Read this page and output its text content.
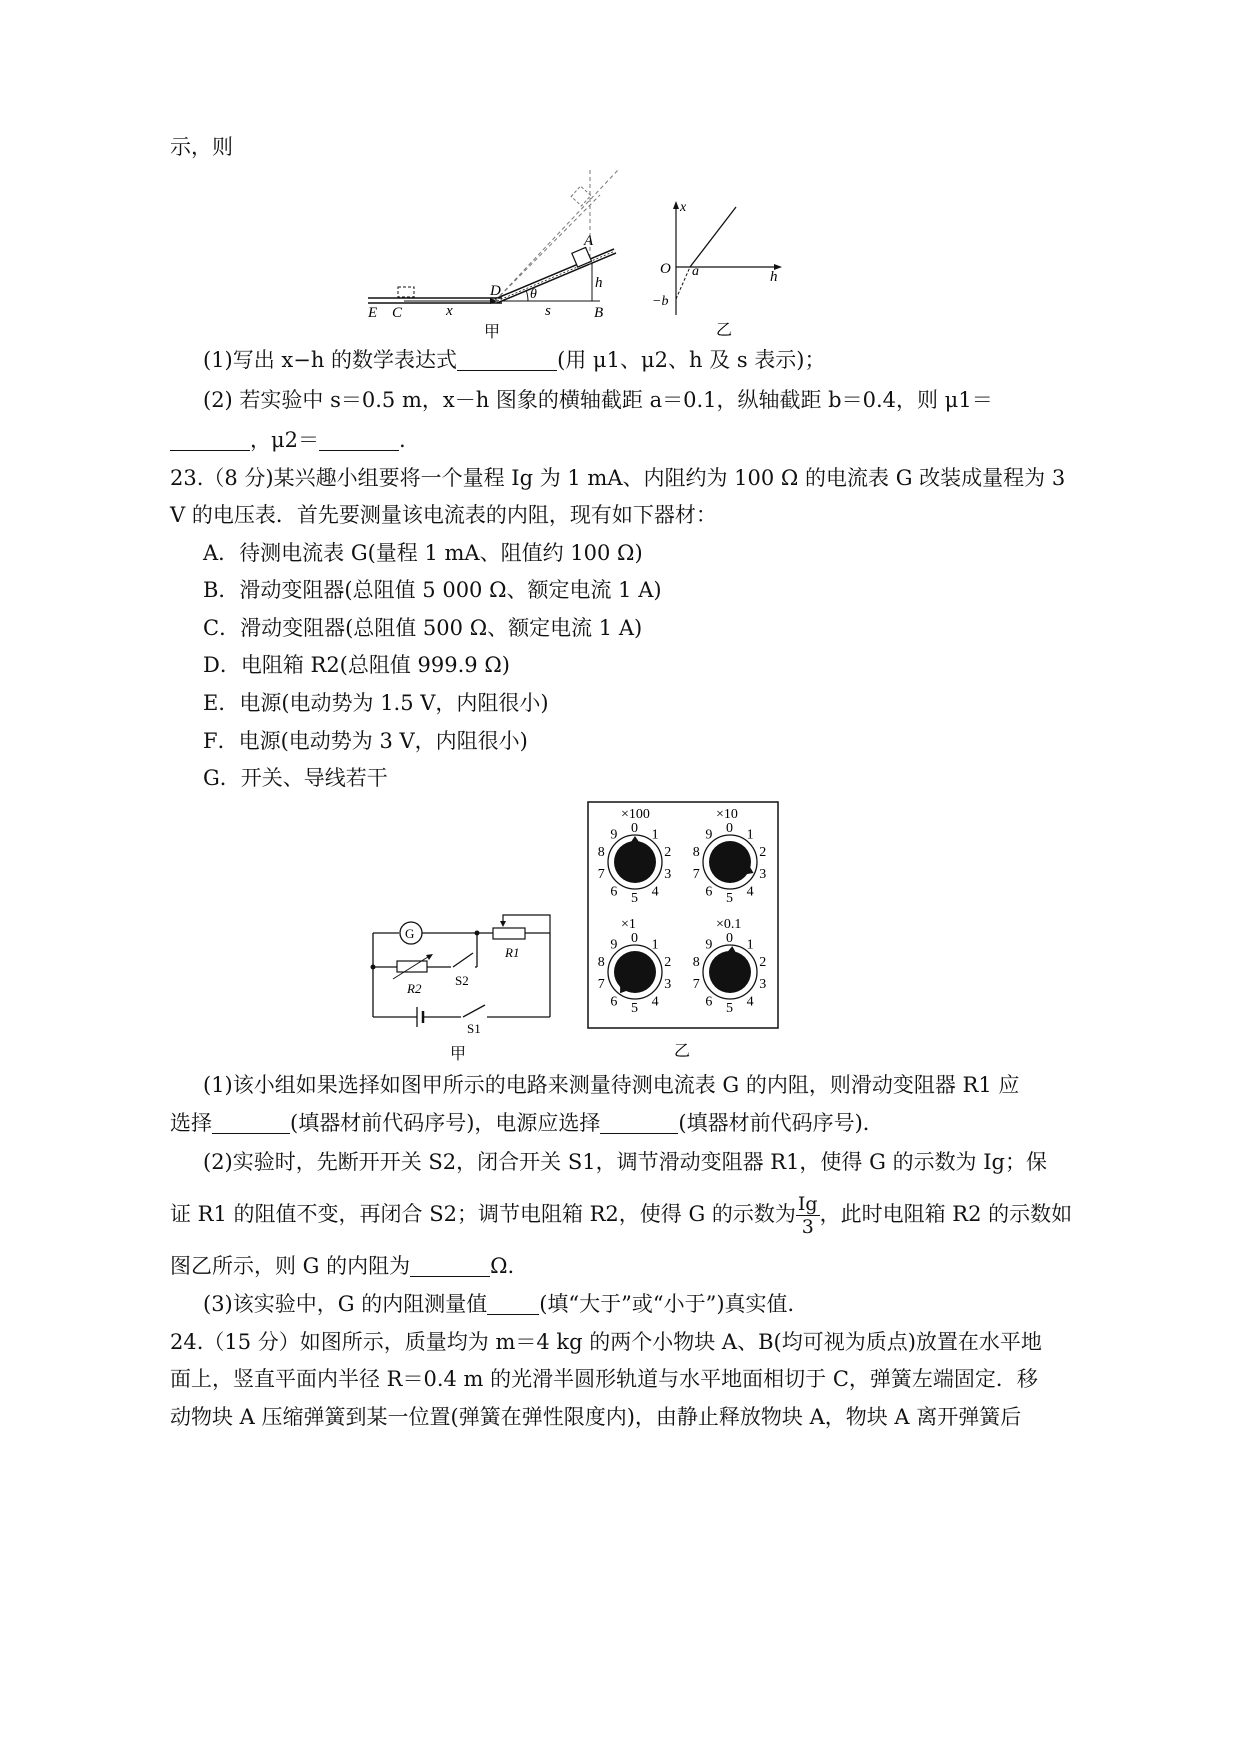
示，则
E C	x
D θ
s	B
A
h
甲
x
O a	h
−b
乙
(1)写出 x−h 的数学表达式	(用 μ1、μ2、h 及 s 表示)；
(2) 若实验中 s＝0.5 m，x－h 图象的横轴截距 a＝0.1，纵轴截距 b＝0.4，则 μ1＝
，μ2＝	.
23.（8 分)某兴趣小组要将一个量程 Ig 为 1 mA、内阻约为 100 Ω 的电流表 G 改装成量程为 3
V 的电压表．首先要测量该电流表的内阻，现有如下器材：
A．待测电流表 G(量程 1 mA、阻值约 100 Ω)
B．滑动变阻器(总阻值 5 000 Ω、额定电流 1 A)
C．滑动变阻器(总阻值 500 Ω、额定电流 1 A)
D．电阻箱 R2(总阻值 999.9 Ω)
E．电源(电动势为 1.5 V，内阻很小)
F．电源(电动势为 3 V，内阻很小)
G．开关、导线若干
G
R1
R2
S2
S1
甲	乙
×100
0 1
2
3
4
5
6
7
8
9
×10
0 1
2
3
4
5
6
7
8
9
×1
0 1
2
3
4
5
6
7
8
9
×0.1
0 1
2
3
4
5
6
7
8
9
(1)该小组如果选择如图甲所示的电路来测量待测电流表 G 的内阻，则滑动变阻器 R1 应
选择	(填器材前代码序号)，电源应选择	(填器材前代码序号)．
(2)实验时，先断开开关 S2，闭合开关 S1，调节滑动变阻器 R1，使得 G 的示数为 Ig；保
证 R1 的阻值不变，再闭合 S2；调节电阻箱 R2，使得 G 的示数为 $\frac{Ig}{3}$ ，此时电阻箱 R2 的示数如
图乙所示，则 G 的内阻为	Ω.
(3)该实验中，G 的内阻测量值 (填“大于”或“小于”)真实值．
24.（15 分）如图所示，质量均为 m＝4 kg 的两个小物块 A、B(均可视为质点)放置在水平地
面上，竖直平面内半径 R＝0.4 m 的光滑半圆形轨道与水平地面相切于 C，弹簧左端固定．移
动物块 A 压缩弹簧到某一位置(弹簧在弹性限度内)，由静止释放物块 A，物块 A 离开弹簧后
